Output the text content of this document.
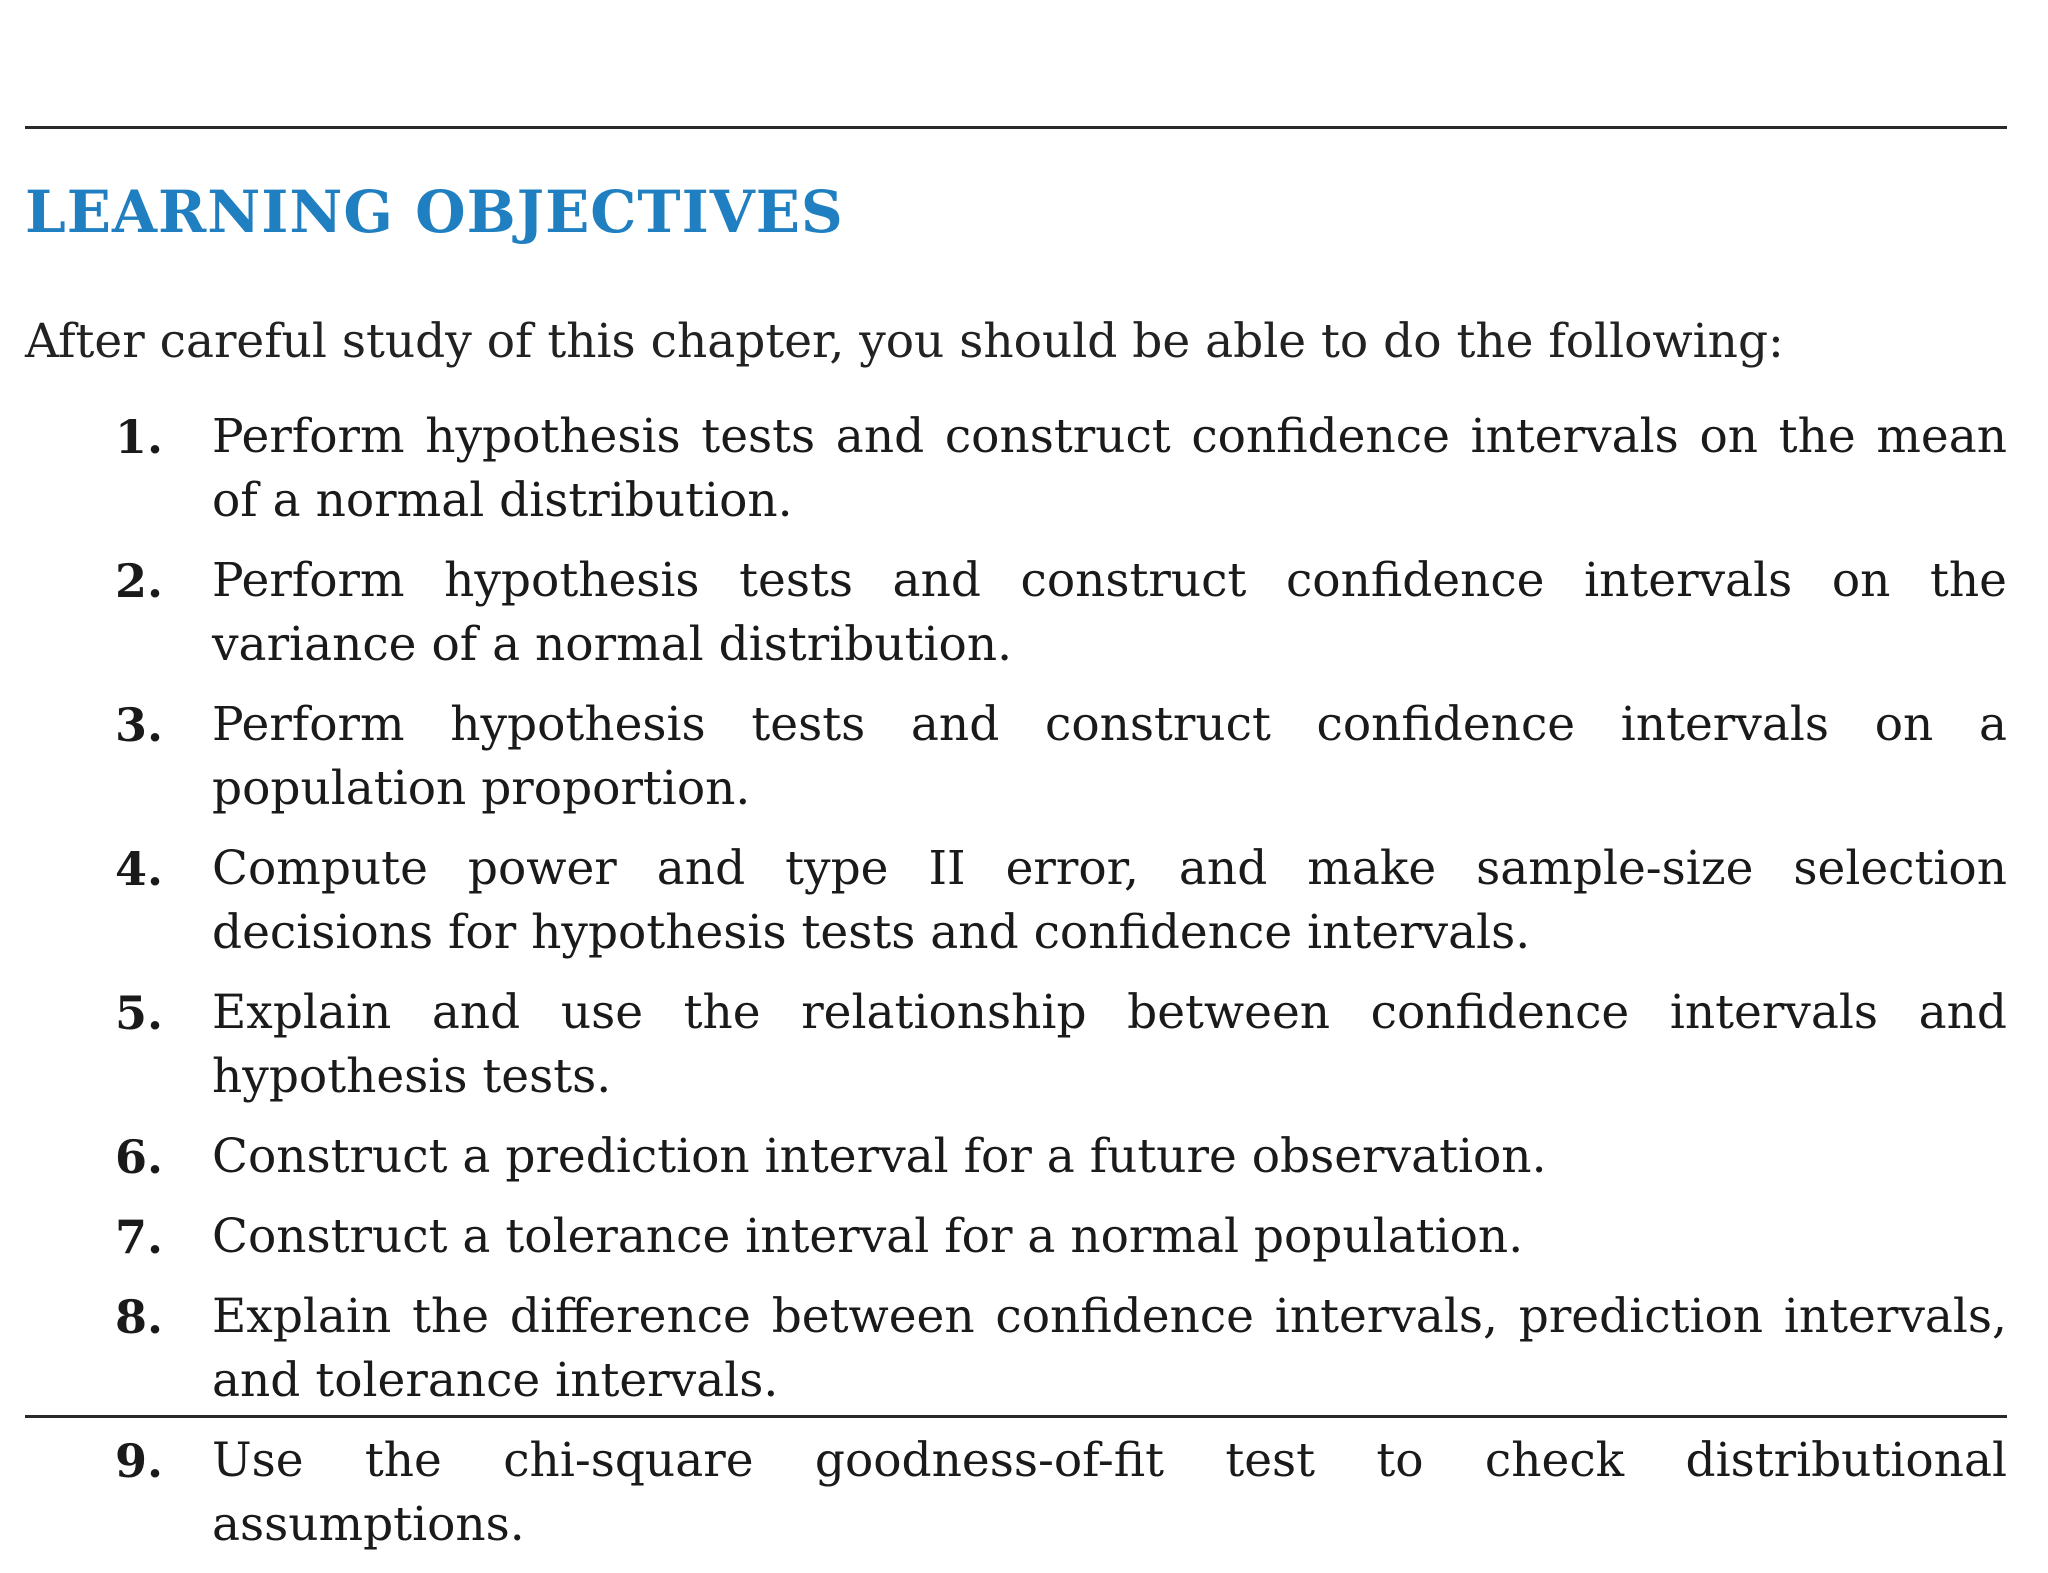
LEARNING OBJECTIVES

After careful study of this chapter, you should be able to do the following:

1.	Perform hypothesis tests and construct confidence intervals on the mean of a normal distribution.
2.	Perform hypothesis tests and construct confidence intervals on the variance of a normal distribution.
3.	Perform hypothesis tests and construct confidence intervals on a population proportion.
4.	Compute power and type II error, and make sample-size selection decisions for hypothesis tests and confidence intervals.
5.	Explain and use the relationship between confidence intervals and hypothesis tests.
6.	Construct a prediction interval for a future observation.
7.	Construct a tolerance interval for a normal population.
8.	Explain the difference between confidence intervals, prediction intervals, and tolerance intervals.
9.	Use the chi-square goodness-of-fit test to check distributional assumptions.
